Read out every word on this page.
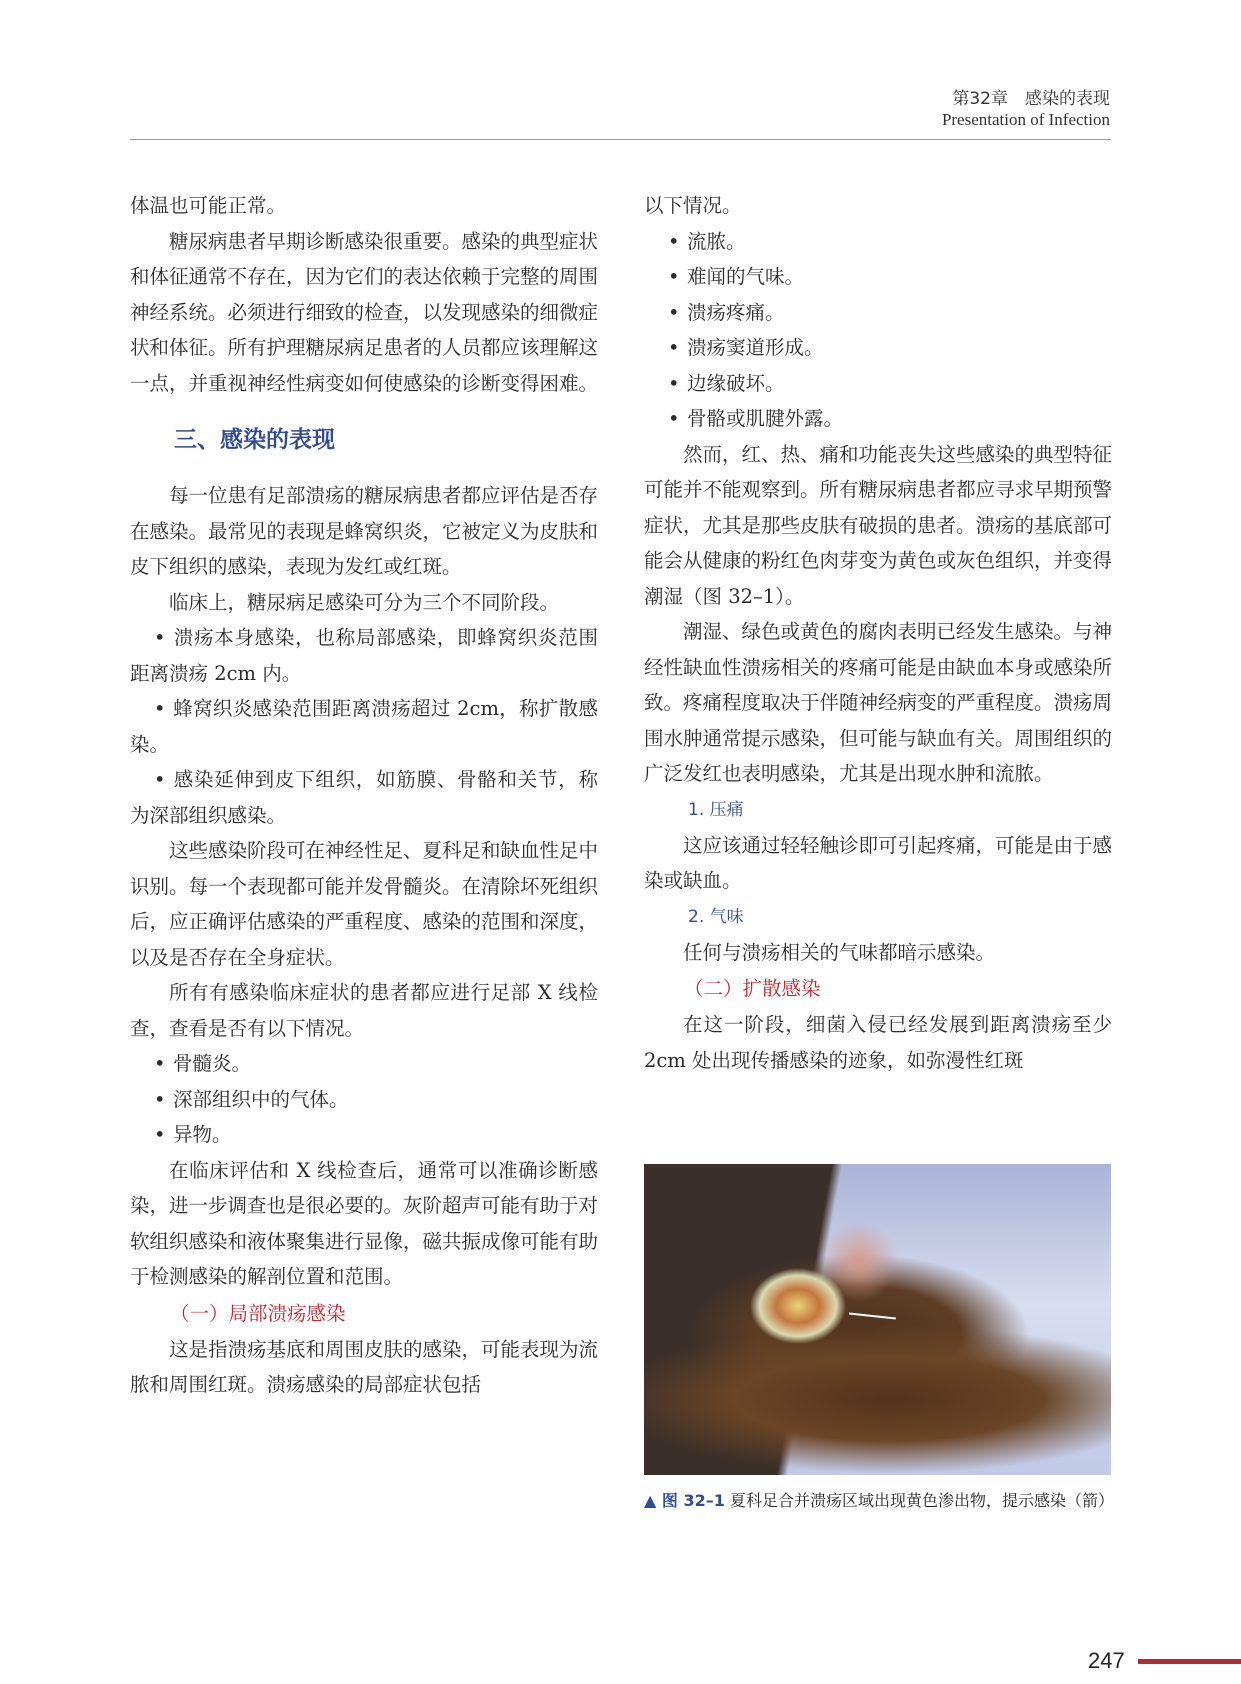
第32章　感染的表现
Presentation of Infection

体温也可能正常。

糖尿病患者早期诊断感染很重要。感染的典型症状和体征通常不存在，因为它们的表达依赖于完整的周围神经系统。必须进行细致的检查，以发现感染的细微症状和体征。所有护理糖尿病足患者的人员都应该理解这一点，并重视神经性病变如何使感染的诊断变得困难。

三、感染的表现

每一位患有足部溃疡的糖尿病患者都应评估是否存在感染。最常见的表现是蜂窝织炎，它被定义为皮肤和皮下组织的感染，表现为发红或红斑。

临床上，糖尿病足感染可分为三个不同阶段。

• 溃疡本身感染，也称局部感染，即蜂窝织炎范围距离溃疡 2cm 内。

• 蜂窝织炎感染范围距离溃疡超过 2cm，称扩散感染。

• 感染延伸到皮下组织，如筋膜、骨骼和关节，称为深部组织感染。

这些感染阶段可在神经性足、夏科足和缺血性足中识别。每一个表现都可能并发骨髓炎。在清除坏死组织后，应正确评估感染的严重程度、感染的范围和深度，以及是否存在全身症状。

所有有感染临床症状的患者都应进行足部 X 线检查，查看是否有以下情况。

• 骨髓炎。

• 深部组织中的气体。

• 异物。

在临床评估和 X 线检查后，通常可以准确诊断感染，进一步调查也是很必要的。灰阶超声可能有助于对软组织感染和液体聚集进行显像，磁共振成像可能有助于检测感染的解剖位置和范围。

（一）局部溃疡感染

这是指溃疡基底和周围皮肤的感染，可能表现为流脓和周围红斑。溃疡感染的局部症状包括

以下情况。

• 流脓。

• 难闻的气味。

• 溃疡疼痛。

• 溃疡窦道形成。

• 边缘破坏。

• 骨骼或肌腱外露。

然而，红、热、痛和功能丧失这些感染的典型特征可能并不能观察到。所有糖尿病患者都应寻求早期预警症状，尤其是那些皮肤有破损的患者。溃疡的基底部可能会从健康的粉红色肉芽变为黄色或灰色组织，并变得潮湿（图 32–1）。

潮湿、绿色或黄色的腐肉表明已经发生感染。与神经性缺血性溃疡相关的疼痛可能是由缺血本身或感染所致。疼痛程度取决于伴随神经病变的严重程度。溃疡周围水肿通常提示感染，但可能与缺血有关。周围组织的广泛发红也表明感染，尤其是出现水肿和流脓。

1. 压痛

这应该通过轻轻触诊即可引起疼痛，可能是由于感染或缺血。

2. 气味

任何与溃疡相关的气味都暗示感染。

（二）扩散感染

在这一阶段，细菌入侵已经发展到距离溃疡至少 2cm 处出现传播感染的迹象，如弥漫性红斑

▲ 图 32–1 夏科足合并溃疡区域出现黄色渗出物，提示感染（箭）
247
